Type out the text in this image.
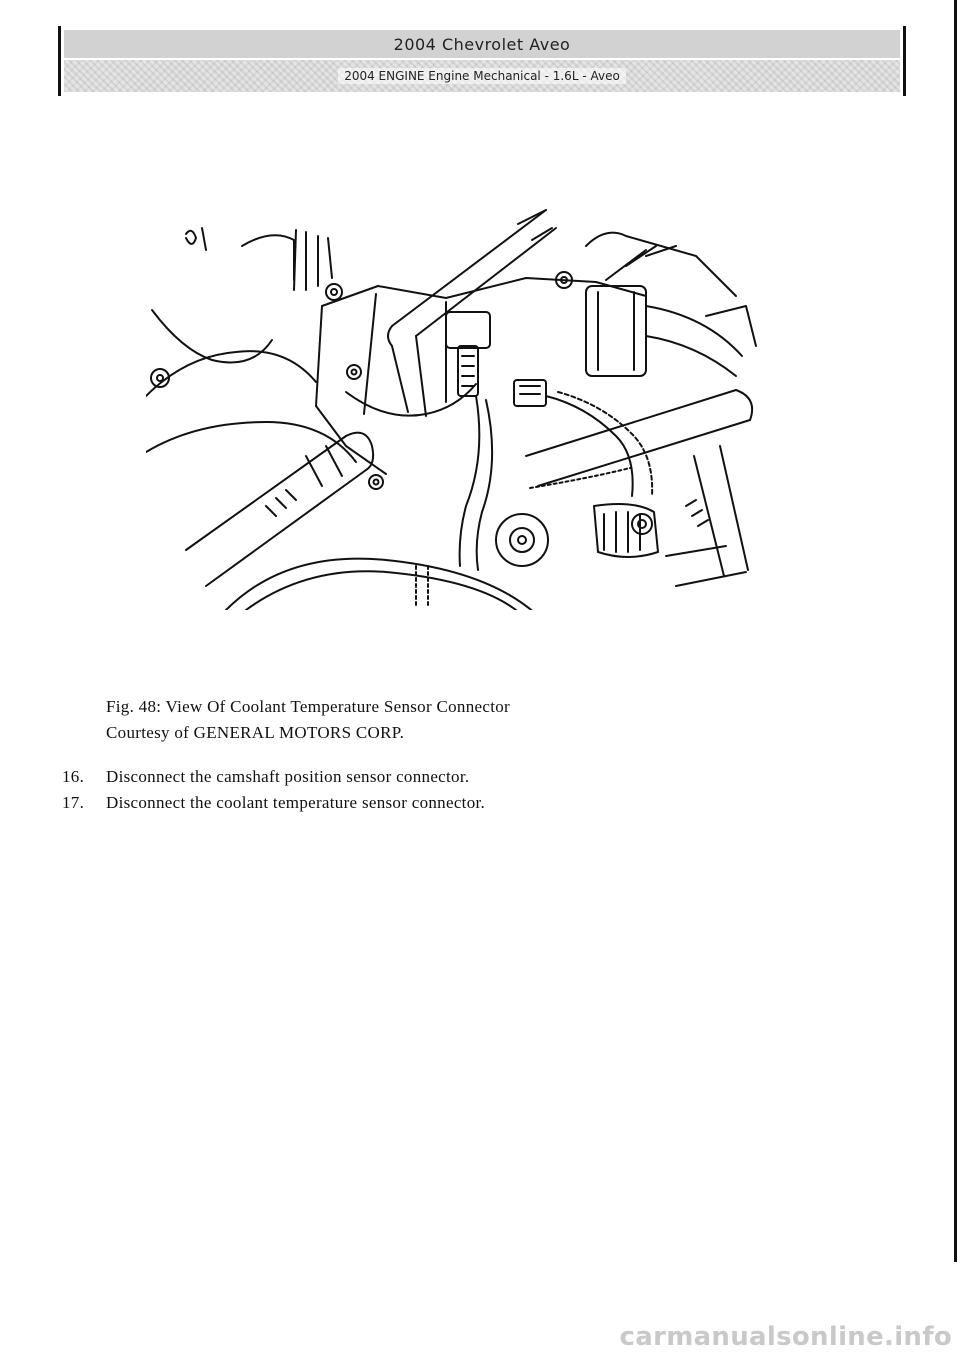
2004 Chevrolet Aveo
2004 ENGINE Engine Mechanical - 1.6L - Aveo
Fig. 48: View Of Coolant Temperature Sensor Connector
Courtesy of GENERAL MOTORS CORP.
16.	Disconnect the camshaft position sensor connector.
17.	Disconnect the coolant temperature sensor connector.
carmanualsonline.info
